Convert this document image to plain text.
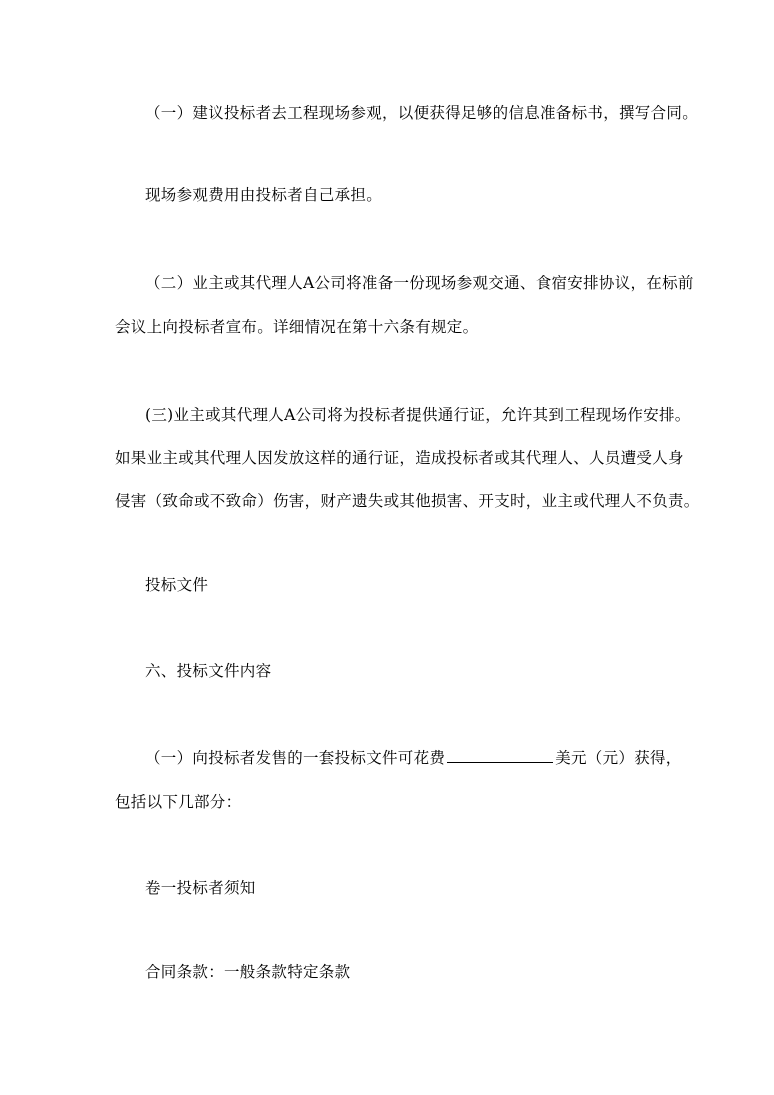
（一）建议投标者去工程现场参观，以便获得足够的信息准备标书，撰写合同。
现场参观费用由投标者自己承担。
（二）业主或其代理人A公司将准备一份现场参观交通、食宿安排协议，在标前
会议上向投标者宣布。详细情况在第十六条有规定。
(三)业主或其代理人A公司将为投标者提供通行证，允许其到工程现场作安排。
如果业主或其代理人因发放这样的通行证，造成投标者或其代理人、人员遭受人身
侵害（致命或不致命）伤害，财产遗失或其他损害、开支时，业主或代理人不负责。
投标文件
六、投标文件内容
（一）向投标者发售的一套投标文件可花费	美元（元）获得，
包括以下几部分：
卷一投标者须知
合同条款：一般条款特定条款
